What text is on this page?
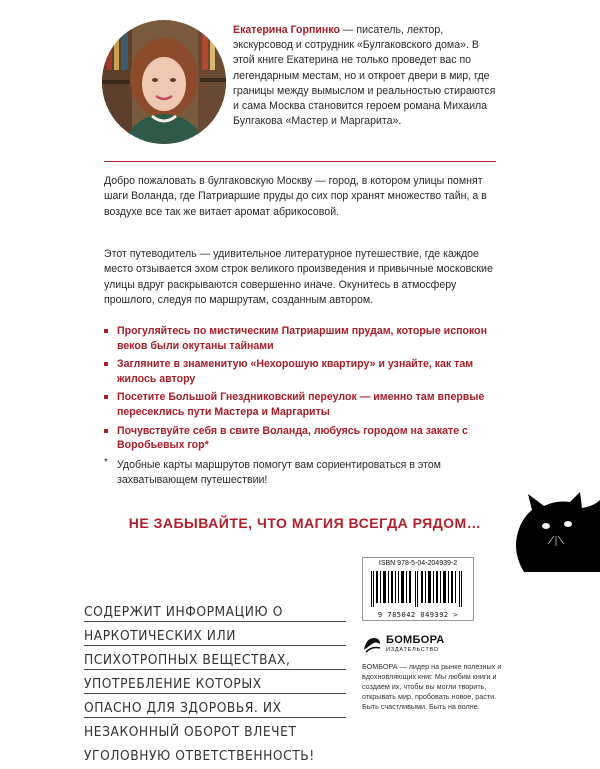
Екатерина Горпинко — писатель, лектор, экскурсовод и сотрудник «Булгаковского дома». В этой книге Екатерина не только проведет вас по легендарным местам, но и откроет двери в мир, где границы между вымыслом и реальностью стираются и сама Москва становится героем романа Михаила Булгакова «Мастер и Маргарита».
Добро пожаловать в булгаковскую Москву — город, в котором улицы помнят шаги Воланда, где Патриаршие пруды до сих пор хранят множество тайн, а в воздухе все так же витает аромат абрикосовой.
Этот путеводитель — удивительное литературное путешествие, где каждое место отзывается эхом строк великого произведения и привычные московские улицы вдруг раскрываются совершенно иначе. Окунитесь в атмосферу прошлого, следуя по маршрутам, созданным автором.
Прогуляйтесь по мистическим Патриаршим прудам, которые испокон веков были окутаны тайнами
Загляните в знаменитую «Нехорошую квартиру» и узнайте, как там жилось автору
Посетите Большой Гнездниковский переулок — именно там впервые пересеклись пути Мастера и Маргариты
Почувствуйте себя в свите Воланда, любуясь городом на закате с Воробьевых гор*
* Удобные карты маршрутов помогут вам сориентироваться в этом захватывающем путешествии!
НЕ ЗАБЫВАЙТЕ, ЧТО МАГИЯ ВСЕГДА РЯДОМ…
ISBN 978-5-04-204939-2
9 785042 049392 >
СОДЕРЖИТ ИНФОРМАЦИЮ О НАРКОТИЧЕСКИХ ИЛИ ПСИХОТРОПНЫХ ВЕЩЕСТВАХ, УПОТРЕБЛЕНИЕ КОТОРЫХ ОПАСНО ДЛЯ ЗДОРОВЬЯ. ИХ НЕЗАКОННЫЙ ОБОРОТ ВЛЕЧЕТ УГОЛОВНУЮ ОТВЕТСТВЕННОСТЬ!
БОМБОРА
ИЗДАТЕЛЬСТВО
БОМБОРА — лидер на рынке полезных и вдохновляющих книг. Мы любим книги и создаем их, чтобы вы могли творить, открывать мир, пробовать новое, расти. Быть счастливыми. Быть на волне.
